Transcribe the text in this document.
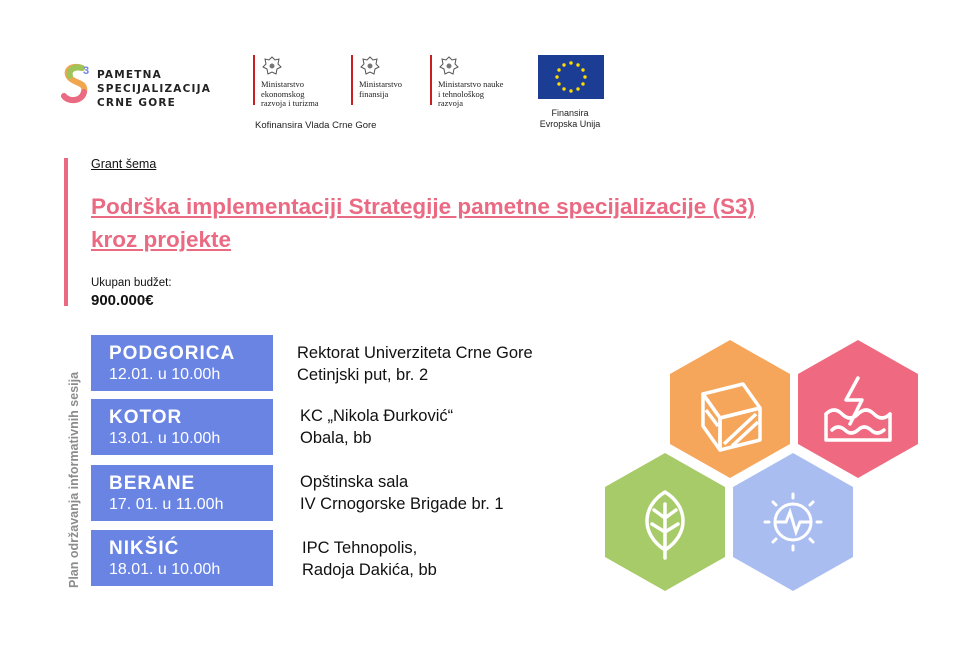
3 PAMETNA
SPECIJALIZACIJA
CRNE GORE
Ministarstvo
ekonomskog
razvoja i turizma
Ministarstvo
finansija
Ministarstvo nauke
i tehnološkog
razvoja
Kofinansira Vlada Crne Gore
Finansira
Evropska Unija
Grant šema
Podrška implementaciji Strategije pametne specijalizacije (S3)
kroz projekte
Ukupan budžet:
900.000€
Plan održavanja informativnih sesija
PODGORICA
12.01. u 10.00h
Rektorat Univerziteta Crne Gore
Cetinjski put, br. 2
KOTOR
13.01. u 10.00h
KC „Nikola Đurković“
Obala, bb
BERANE
17. 01. u 11.00h
Opštinska sala
IV Crnogorske Brigade br. 1
NIKŠIĆ
18.01. u 10.00h
IPC Tehnopolis,
Radoja Dakića, bb
